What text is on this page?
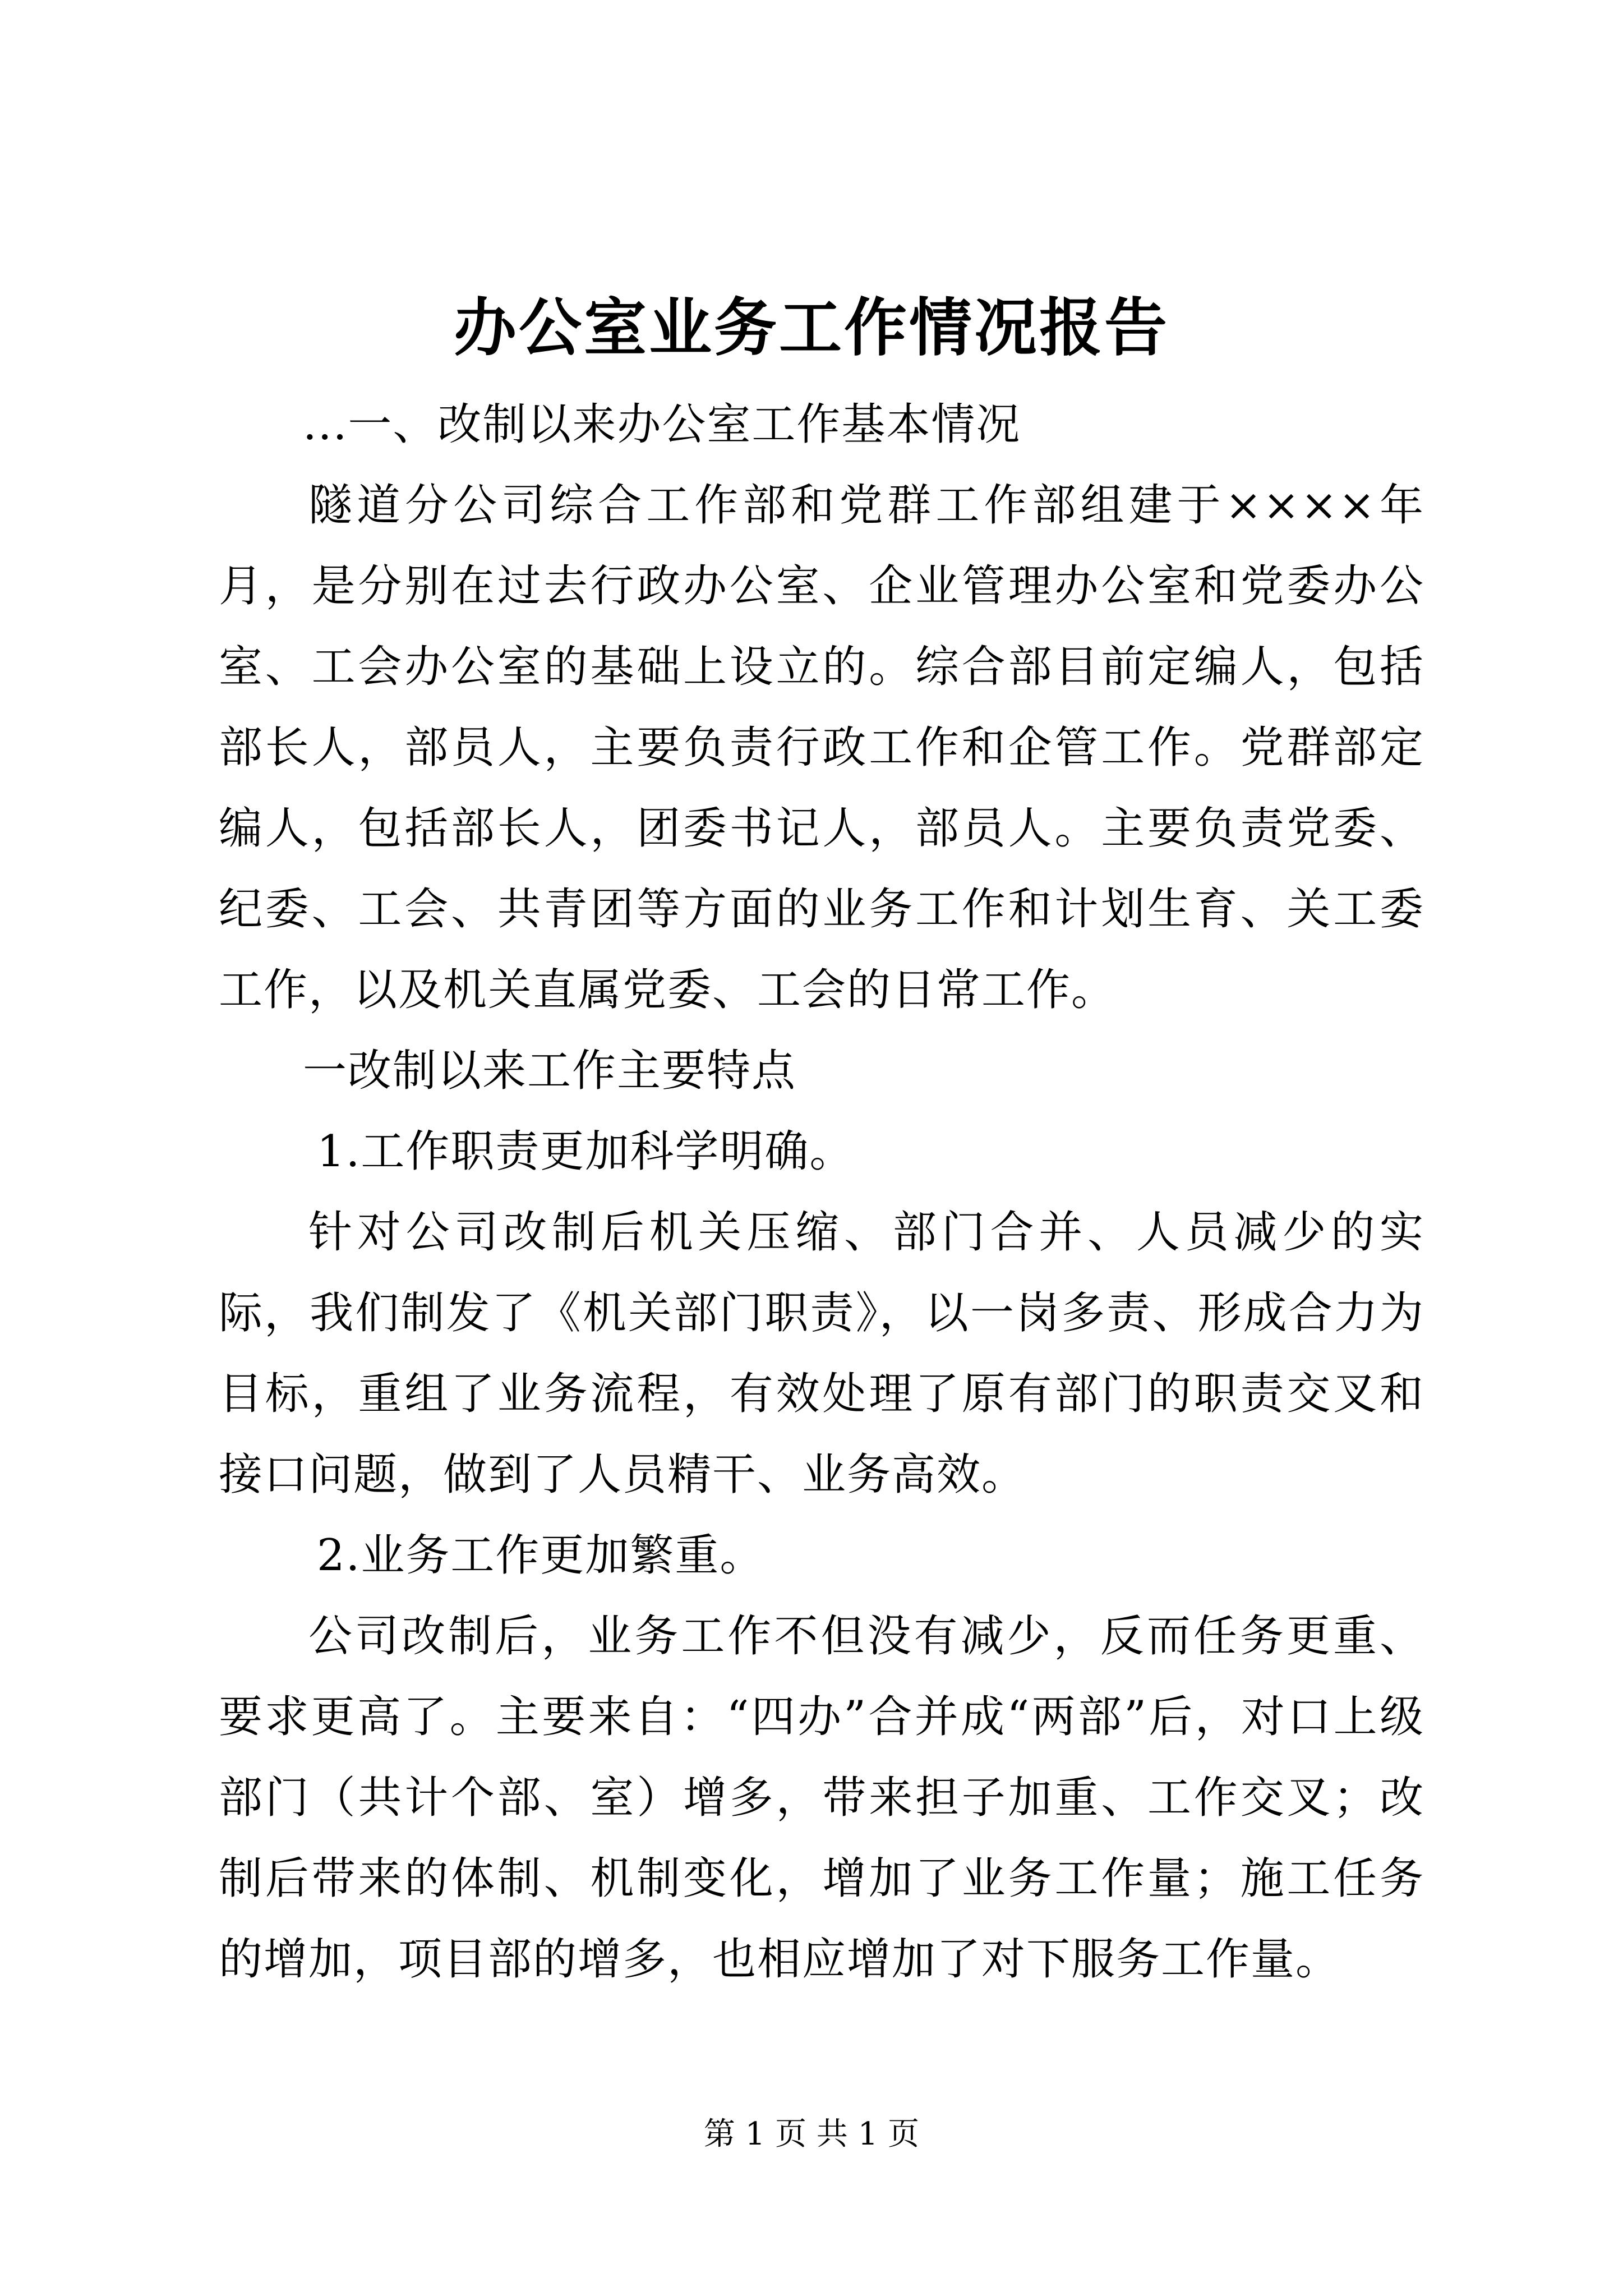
办公室业务工作情况报告

...一、改制以来办公室工作基本情况

隧道分公司综合工作部和党群工作部组建于××××年月，是分别在过去行政办公室、企业管理办公室和党委办公室、工会办公室的基础上设立的。综合部目前定编人，包括部长人，部员人，主要负责行政工作和企管工作。党群部定编人，包括部长人，团委书记人，部员人。主要负责党委、纪委、工会、共青团等方面的业务工作和计划生育、关工委工作，以及机关直属党委、工会的日常工作。

一改制以来工作主要特点

1.工作职责更加科学明确。

针对公司改制后机关压缩、部门合并、人员减少的实际，我们制发了《机关部门职责》，以一岗多责、形成合力为目标，重组了业务流程，有效处理了原有部门的职责交叉和接口问题，做到了人员精干、业务高效。

2.业务工作更加繁重。

公司改制后，业务工作不但没有减少，反而任务更重、要求更高了。主要来自：“四办”合并成“两部”后，对口上级部门（共计个部、室）增多，带来担子加重、工作交叉；改制后带来的体制、机制变化，增加了业务工作量；施工任务的增加，项目部的增多，也相应增加了对下服务工作量。

第 1 页 共 1 页
